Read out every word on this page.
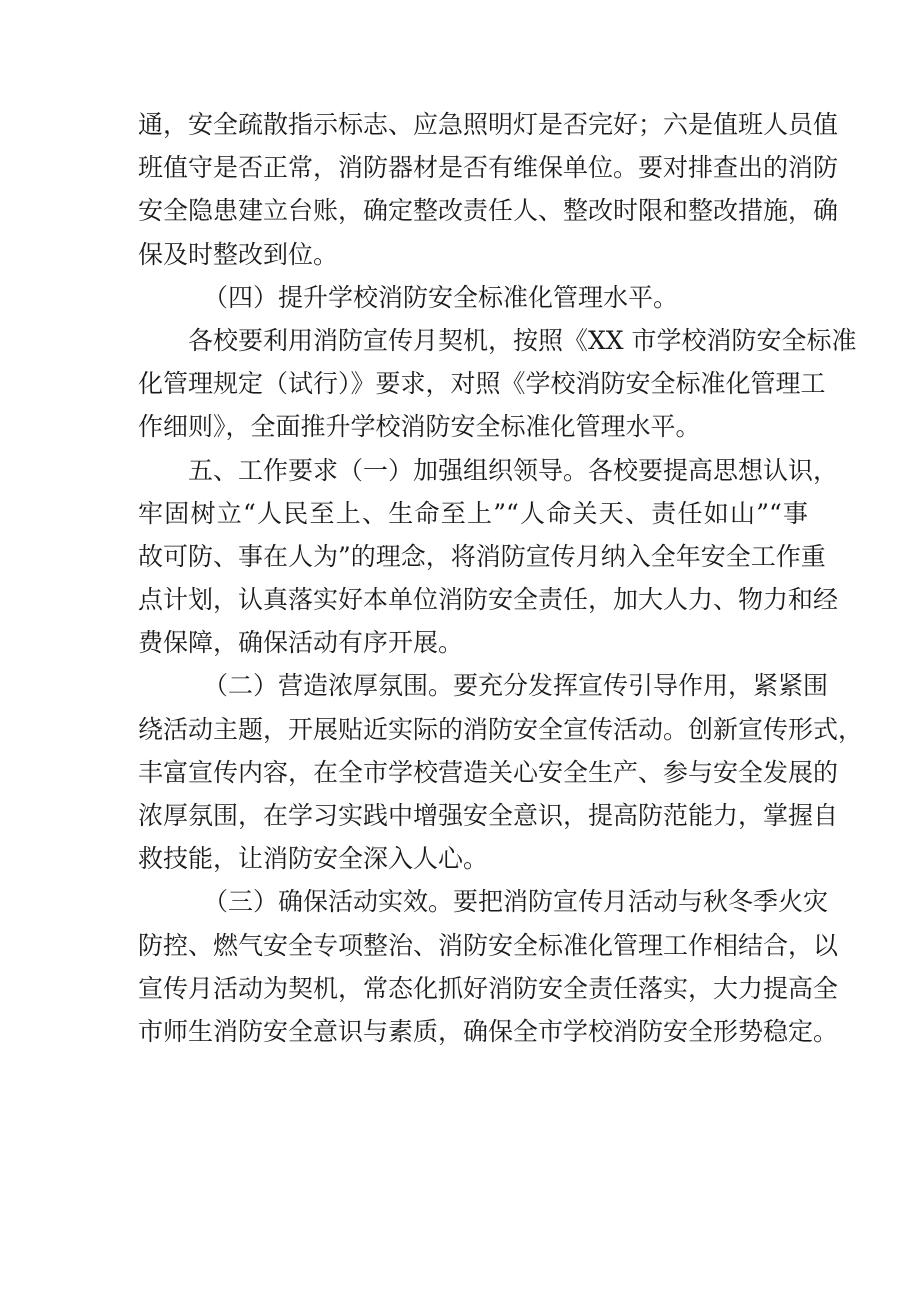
通，安全疏散指示标志、应急照明灯是否完好；六是值班人员值
班值守是否正常，消防器材是否有维保单位。要对排查出的消防
安全隐患建立台账，确定整改责任人、整改时限和整改措施，确
保及时整改到位。
（四）提升学校消防安全标准化管理水平。
各校要利用消防宣传月契机，按照《XX 市学校消防安全标准
化管理规定（试行）》要求，对照《学校消防安全标准化管理工
作细则》，全面推升学校消防安全标准化管理水平。
五、工作要求（一）加强组织领导。各校要提高思想认识，
牢固树立“人民至上、生命至上”“人命关天、责任如山”“事
故可防、事在人为”的理念，将消防宣传月纳入全年安全工作重
点计划，认真落实好本单位消防安全责任，加大人力、物力和经
费保障，确保活动有序开展。
（二）营造浓厚氛围。要充分发挥宣传引导作用，紧紧围
绕活动主题，开展贴近实际的消防安全宣传活动。创新宣传形式，
丰富宣传内容，在全市学校营造关心安全生产、参与安全发展的
浓厚氛围，在学习实践中增强安全意识，提高防范能力，掌握自
救技能，让消防安全深入人心。
（三）确保活动实效。要把消防宣传月活动与秋冬季火灾
防控、燃气安全专项整治、消防安全标准化管理工作相结合，以
宣传月活动为契机，常态化抓好消防安全责任落实，大力提高全
市师生消防安全意识与素质，确保全市学校消防安全形势稳定。
